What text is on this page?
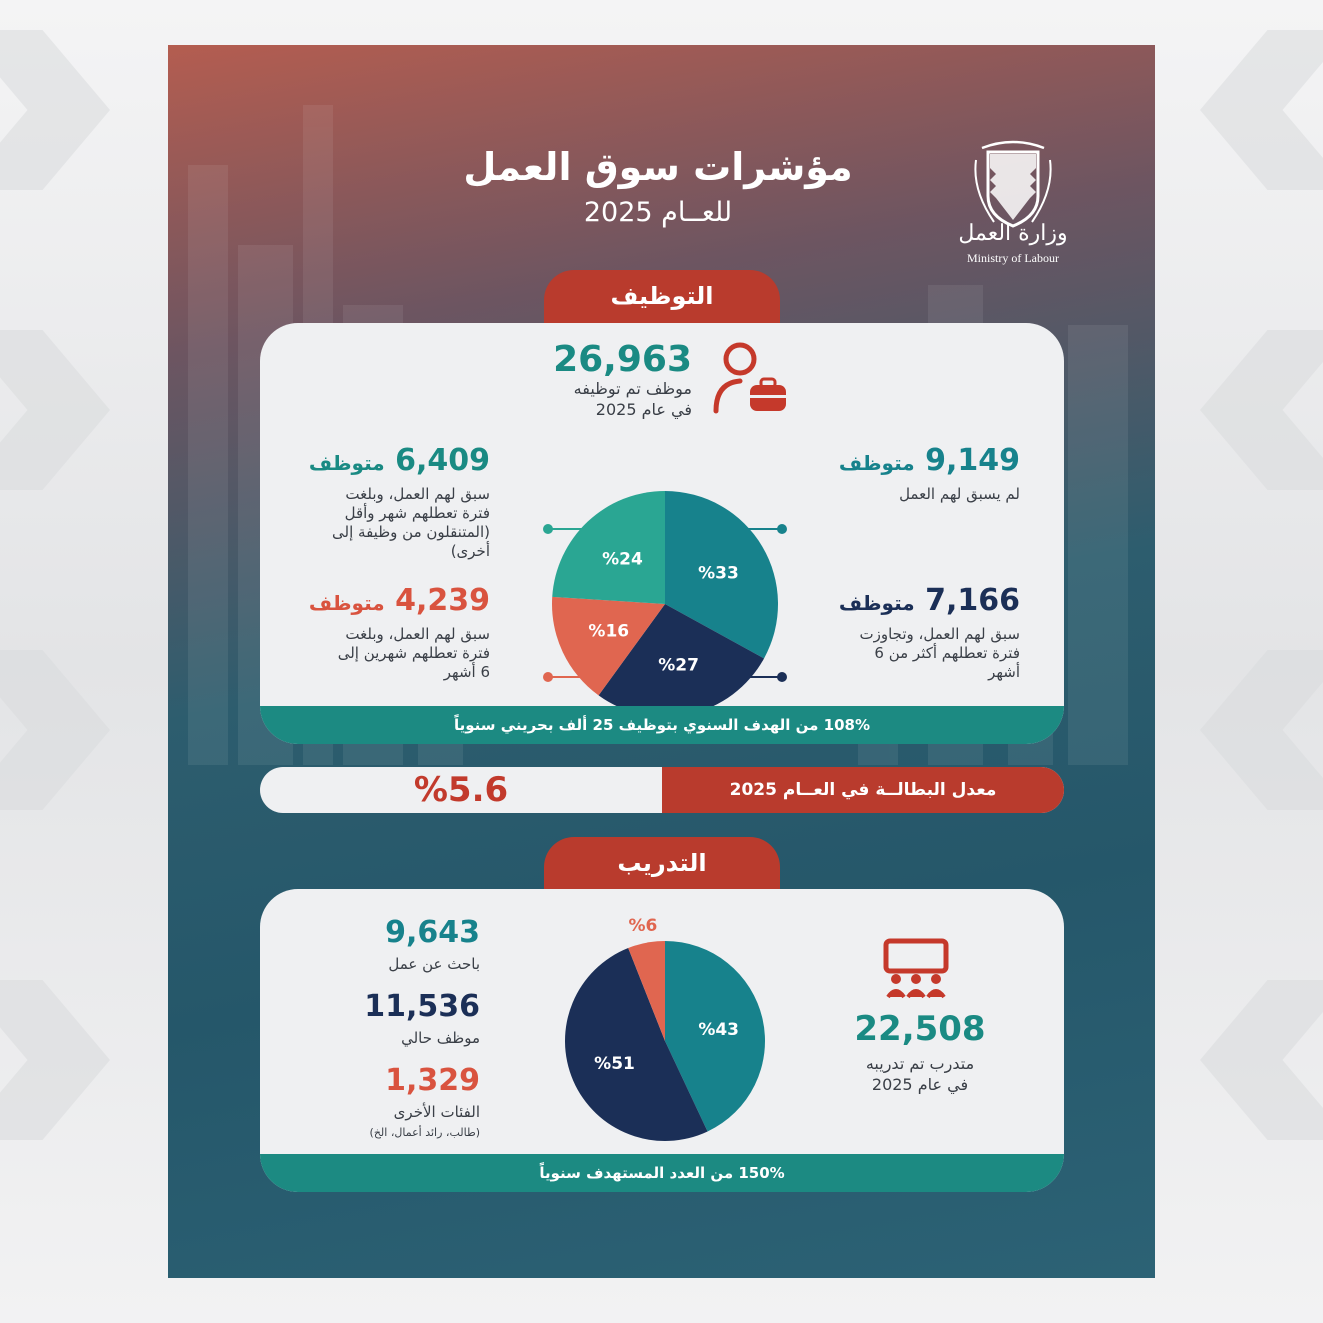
مؤشرات سوق العمل
للعــام 2025
وزارة العمل
Ministry of Labour
التوظيف
26,963
موظف تم توظيفه
في عام 2025
%33
%27
%16
%24
9,149 متوظف
لم يسبق لهم العمل
7,166 متوظف
سبق لهم العمل، وتجاوزت
فترة تعطلهم أكثر من 6
أشهر
6,409 متوظف
سبق لهم العمل، وبلغت
فترة تعطلهم شهر وأقل
(المتنقلون من وظيفة إلى
أخرى)
4,239 متوظف
سبق لهم العمل، وبلغت
فترة تعطلهم شهرين إلى
6 أشهر
108% من الهدف السنوي بتوظيف 25 ألف بحريني سنوياً
%5.6	معدل البطالــة في العــام 2025
التدريب
22,508
متدرب تم تدريبه
في عام 2025
%43
%51
%6
9,643
باحث عن عمل
11,536
موظف حالي
1,329
الفئات الأخرى
(طالب، رائد أعمال، الخ)
150% من العدد المستهدف سنوياً
